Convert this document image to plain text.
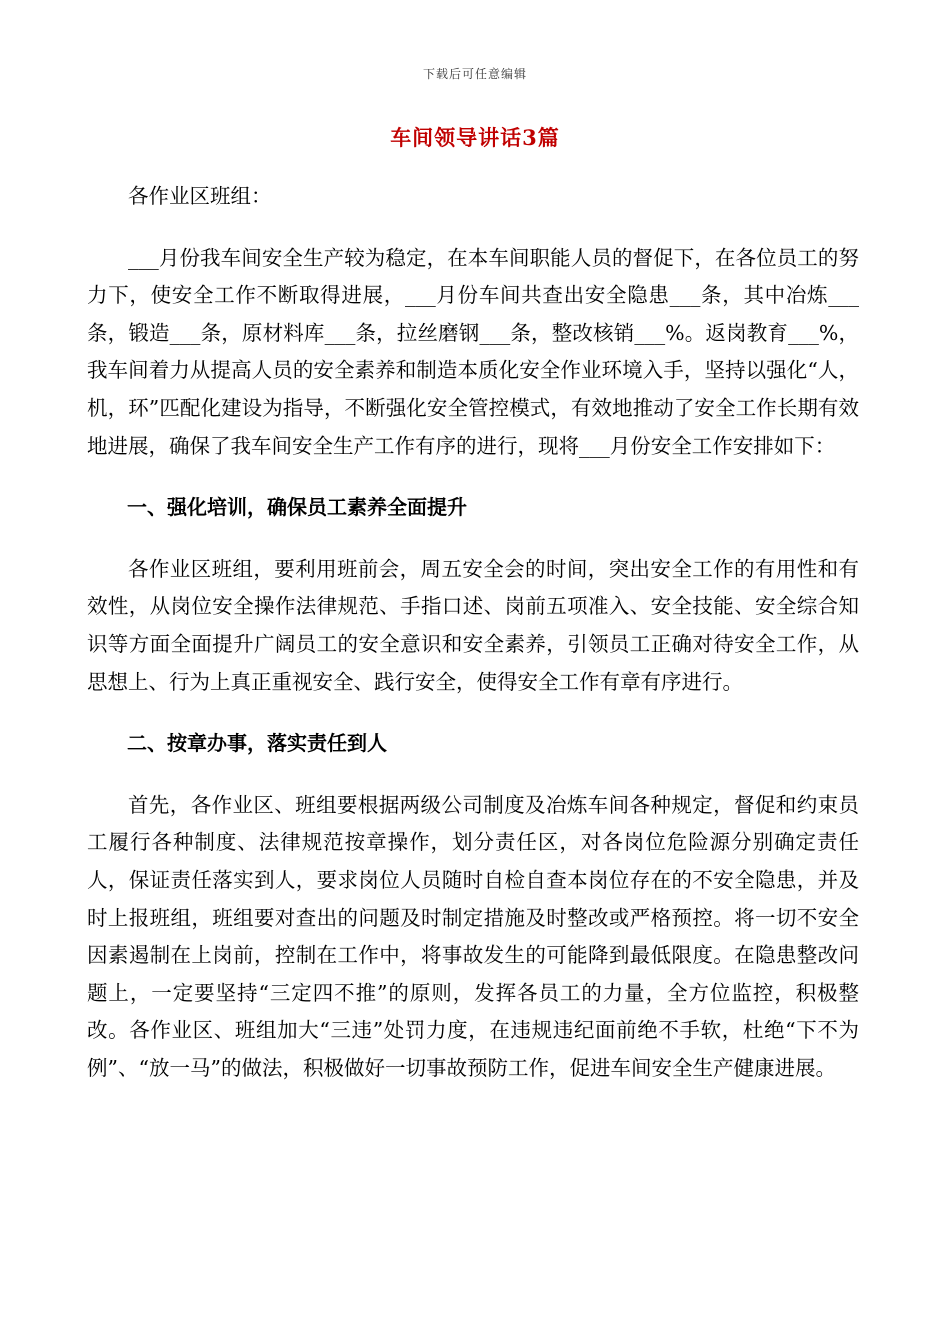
下载后可任意编辑
车间领导讲话3篇

各作业区班组：

___月份我车间安全生产较为稳定，在本车间职能人员的督促下，在各位员工的努力下，使安全工作不断取得进展，___月份车间共查出安全隐患___条，其中冶炼___条，锻造___条，原材料库___条，拉丝磨钢___条，整改核销___%。返岗教育___%，我车间着力从提高人员的安全素养和制造本质化安全作业环境入手，坚持以强化“人，机，环”匹配化建设为指导，不断强化安全管控模式，有效地推动了安全工作长期有效地进展，确保了我车间安全生产工作有序的进行，现将___月份安全工作安排如下：

一、强化培训，确保员工素养全面提升

各作业区班组，要利用班前会，周五安全会的时间，突出安全工作的有用性和有效性，从岗位安全操作法律规范、手指口述、岗前五项准入、安全技能、安全综合知识等方面全面提升广阔员工的安全意识和安全素养，引领员工正确对待安全工作，从思想上、行为上真正重视安全、践行安全，使得安全工作有章有序进行。

二、按章办事，落实责任到人

首先，各作业区、班组要根据两级公司制度及冶炼车间各种规定，督促和约束员工履行各种制度、法律规范按章操作，划分责任区，对各岗位危险源分别确定责任人，保证责任落实到人，要求岗位人员随时自检自查本岗位存在的不安全隐患，并及时上报班组，班组要对查出的问题及时制定措施及时整改或严格预控。将一切不安全因素遏制在上岗前，控制在工作中，将事故发生的可能降到最低限度。在隐患整改问题上，一定要坚持“三定四不推”的原则，发挥各员工的力量，全方位监控，积极整改。各作业区、班组加大“三违”处罚力度，在违规违纪面前绝不手软，杜绝“下不为例”、“放一马”的做法，积极做好一切事故预防工作，促进车间安全生产健康进展。
